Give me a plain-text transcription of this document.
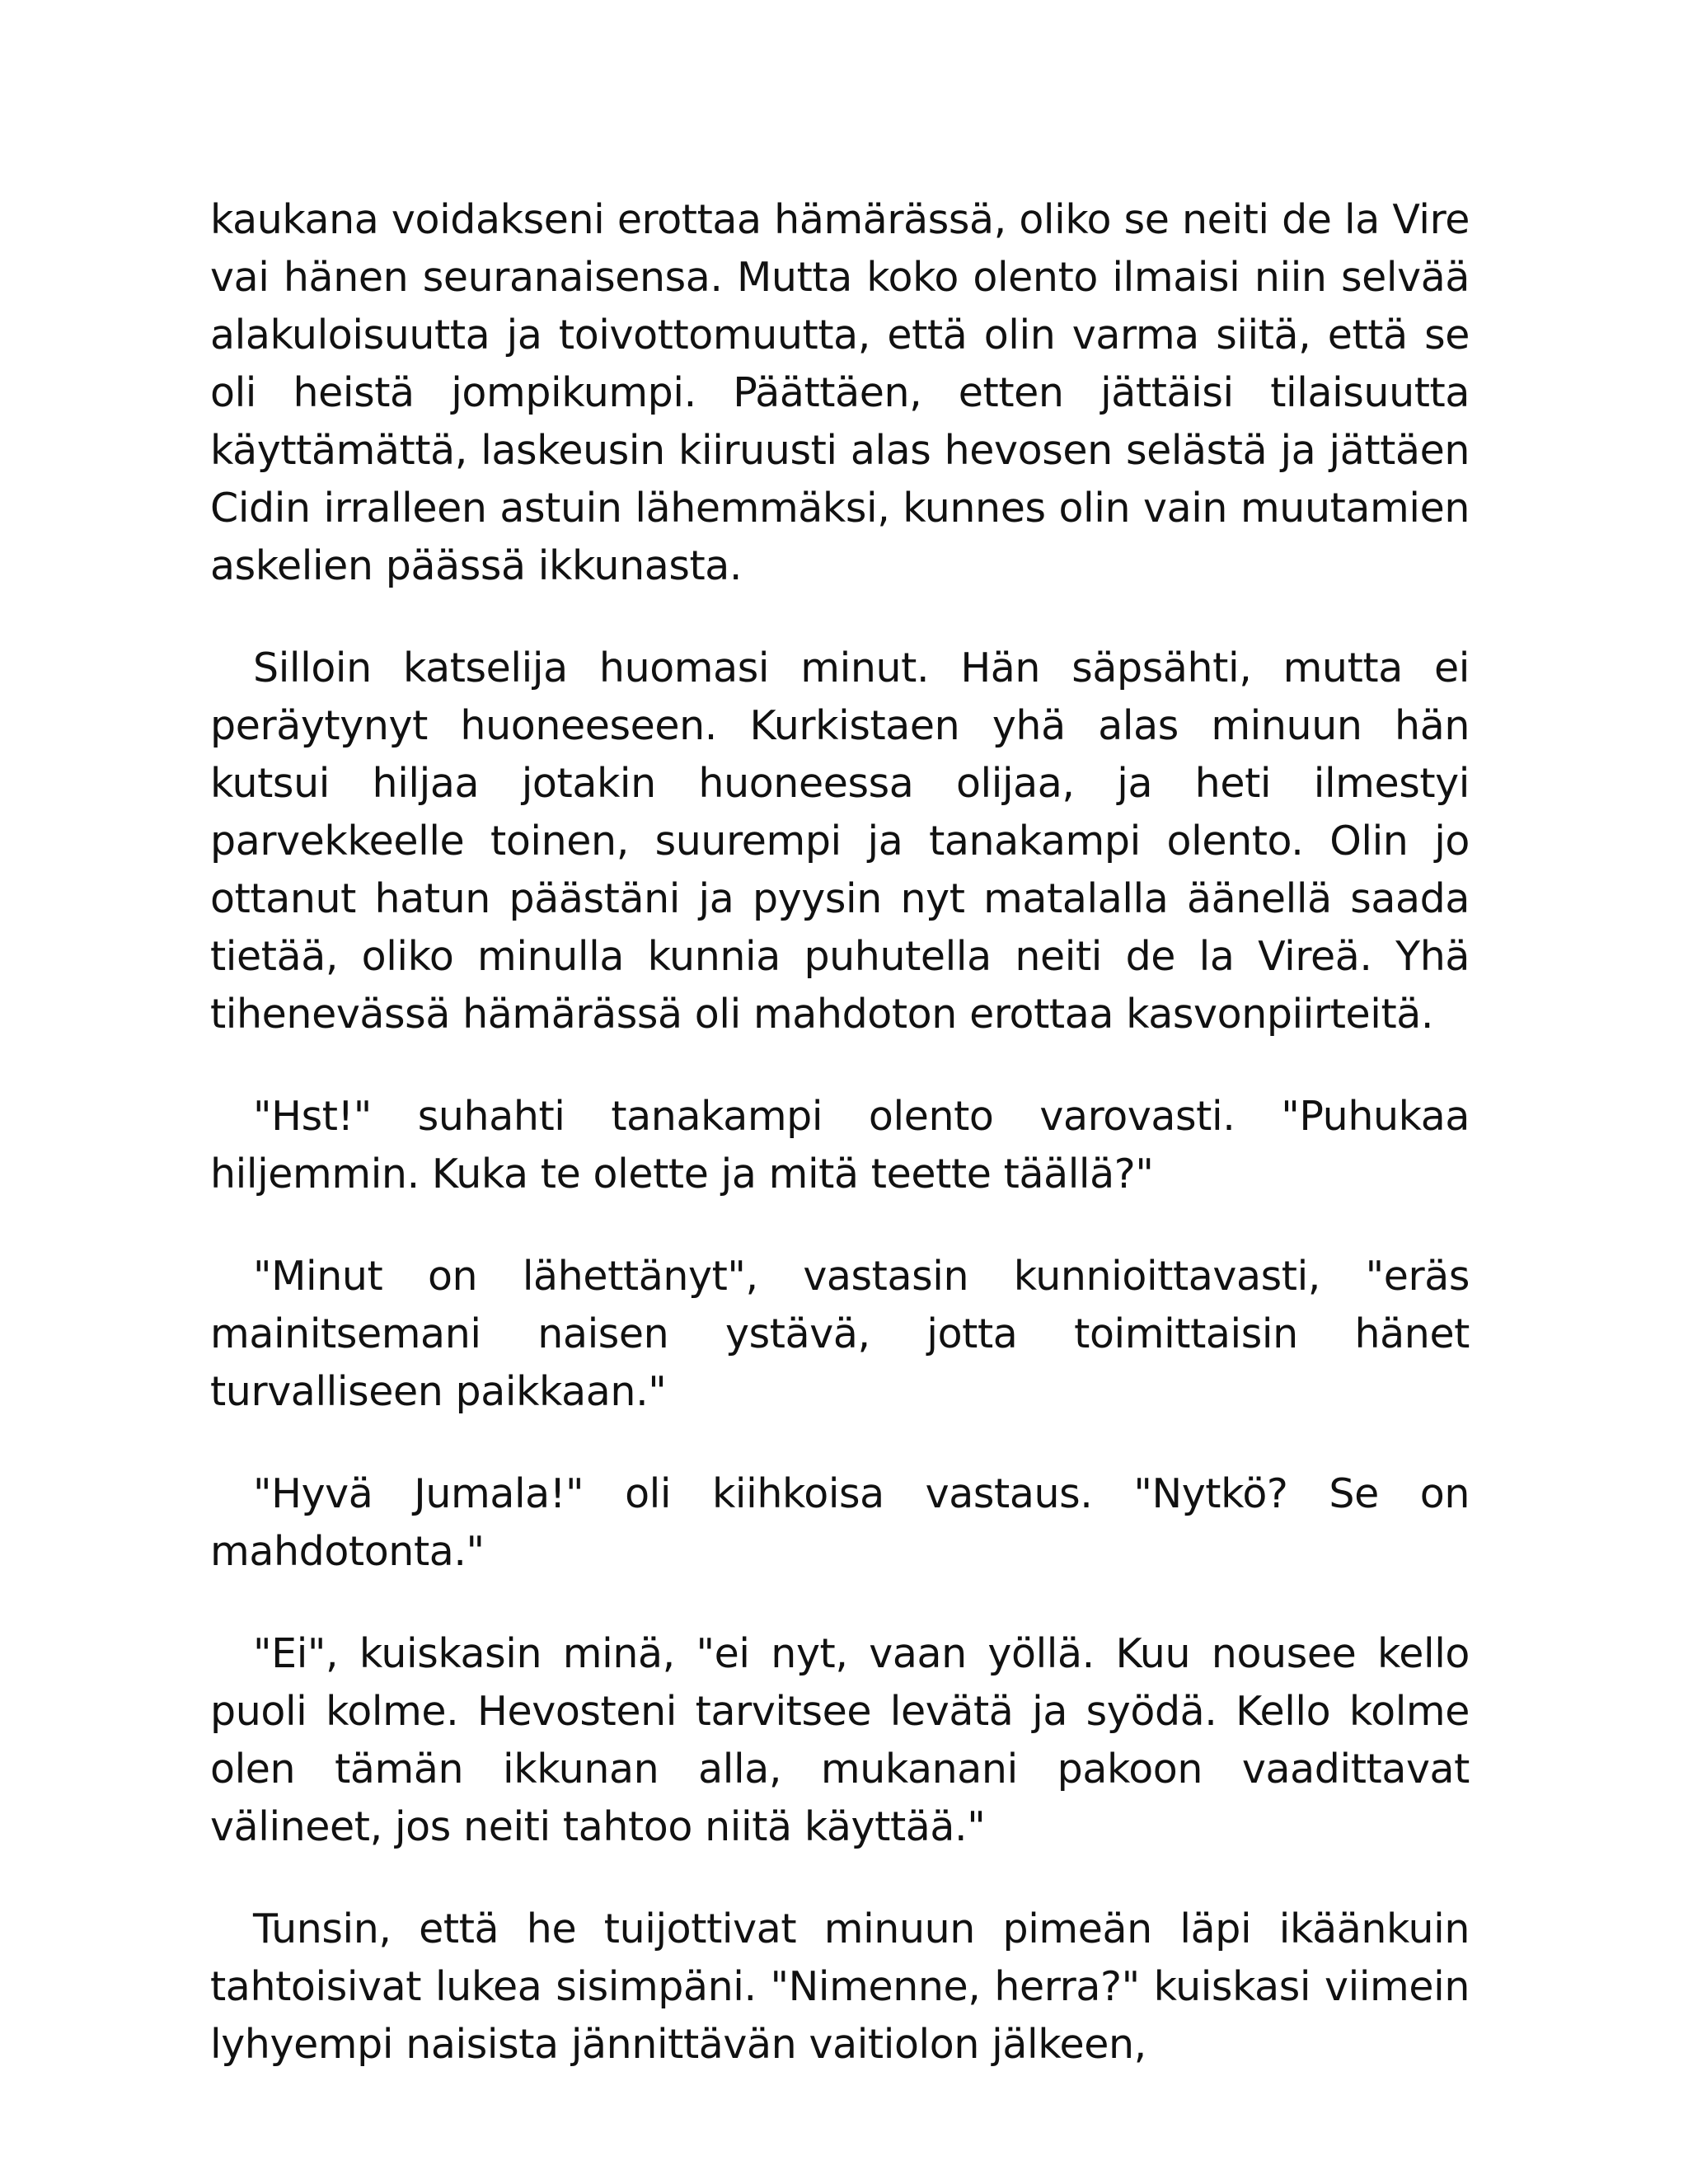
kaukana voidakseni erottaa hämärässä, oliko se neiti de la Vire vai hänen seuranaisensa. Mutta koko olento ilmaisi niin selvää alakuloisuutta ja toivottomuutta, että olin varma siitä, että se oli heistä jompikumpi. Päättäen, etten jättäisi tilaisuutta käyttämättä, laskeusin kiiruusti alas hevosen selästä ja jättäen Cidin irralleen astuin lähemmäksi, kunnes olin vain muutamien askelien päässä ikkunasta.

Silloin katselija huomasi minut. Hän säpsähti, mutta ei peräytynyt huoneeseen. Kurkistaen yhä alas minuun hän kutsui hiljaa jotakin huoneessa olijaa, ja heti ilmestyi parvekkeelle toinen, suurempi ja tanakampi olento. Olin jo ottanut hatun päästäni ja pyysin nyt matalalla äänellä saada tietää, oliko minulla kunnia puhutella neiti de la Vireä. Yhä tihenevässä hämärässä oli mahdoton erottaa kasvonpiirteitä.

"Hst!" suhahti tanakampi olento varovasti. "Puhukaa hiljemmin. Kuka te olette ja mitä teette täällä?"

"Minut on lähettänyt", vastasin kunnioittavasti, "eräs mainitsemani naisen ystävä, jotta toimittaisin hänet turvalliseen paikkaan."

"Hyvä Jumala!" oli kiihkoisa vastaus. "Nytkö? Se on mahdotonta."

"Ei", kuiskasin minä, "ei nyt, vaan yöllä. Kuu nousee kello puoli kolme. Hevosteni tarvitsee levätä ja syödä. Kello kolme olen tämän ikkunan alla, mukanani pakoon vaadittavat välineet, jos neiti tahtoo niitä käyttää."

Tunsin, että he tuijottivat minuun pimeän läpi ikäänkuin tahtoisivat lukea sisimpäni. "Nimenne, herra?" kuiskasi viimein lyhyempi naisista jännittävän vaitiolon jälkeen,
